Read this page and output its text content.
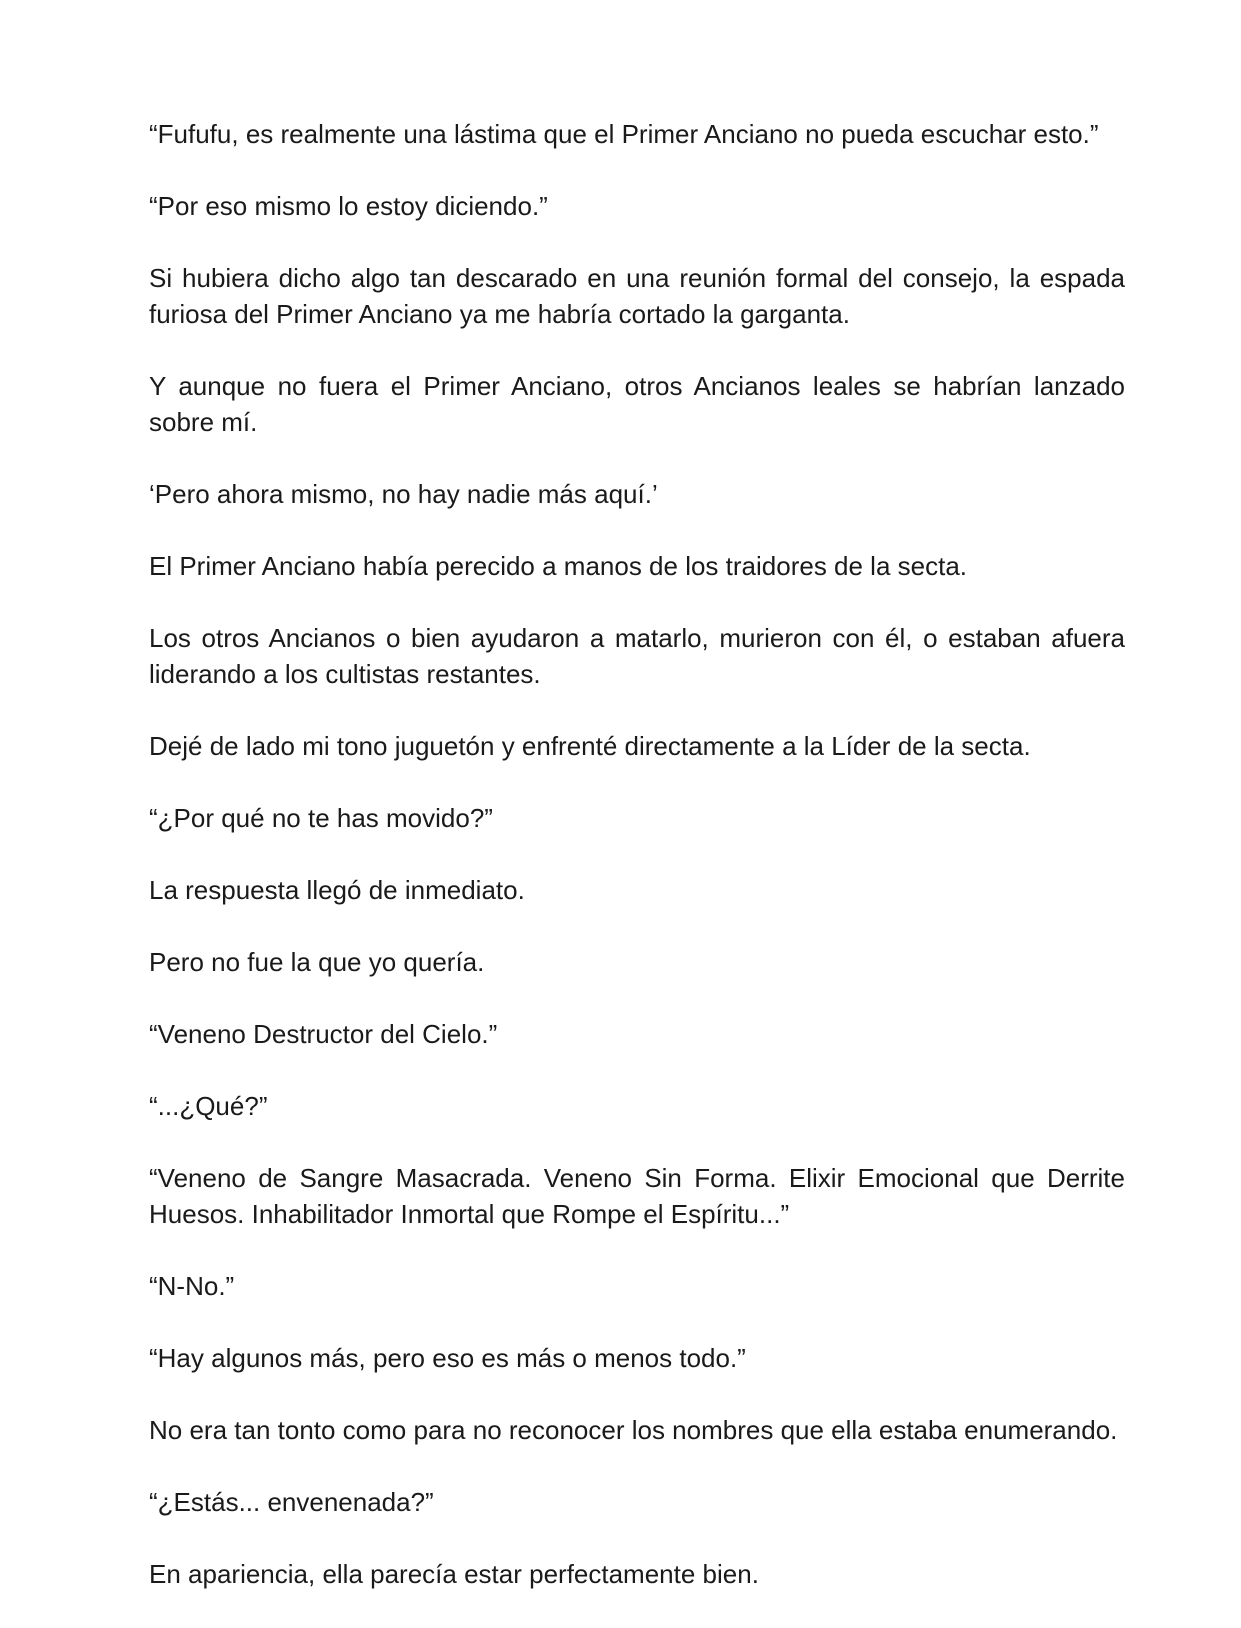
“Fufufu, es realmente una lástima que el Primer Anciano no pueda escuchar esto.”

“Por eso mismo lo estoy diciendo.”

Si hubiera dicho algo tan descarado en una reunión formal del consejo, la espada furiosa del Primer Anciano ya me habría cortado la garganta.

Y aunque no fuera el Primer Anciano, otros Ancianos leales se habrían lanzado sobre mí.

‘Pero ahora mismo, no hay nadie más aquí.’

El Primer Anciano había perecido a manos de los traidores de la secta.

Los otros Ancianos o bien ayudaron a matarlo, murieron con él, o estaban afuera liderando a los cultistas restantes.

Dejé de lado mi tono juguetón y enfrenté directamente a la Líder de la secta.

“¿Por qué no te has movido?”

La respuesta llegó de inmediato.

Pero no fue la que yo quería.

“Veneno Destructor del Cielo.”

“...¿Qué?”

“Veneno de Sangre Masacrada. Veneno Sin Forma. Elixir Emocional que Derrite Huesos. Inhabilitador Inmortal que Rompe el Espíritu...”

“N-No.”

“Hay algunos más, pero eso es más o menos todo.”

No era tan tonto como para no reconocer los nombres que ella estaba enumerando.

“¿Estás... envenenada?”

En apariencia, ella parecía estar perfectamente bien.
